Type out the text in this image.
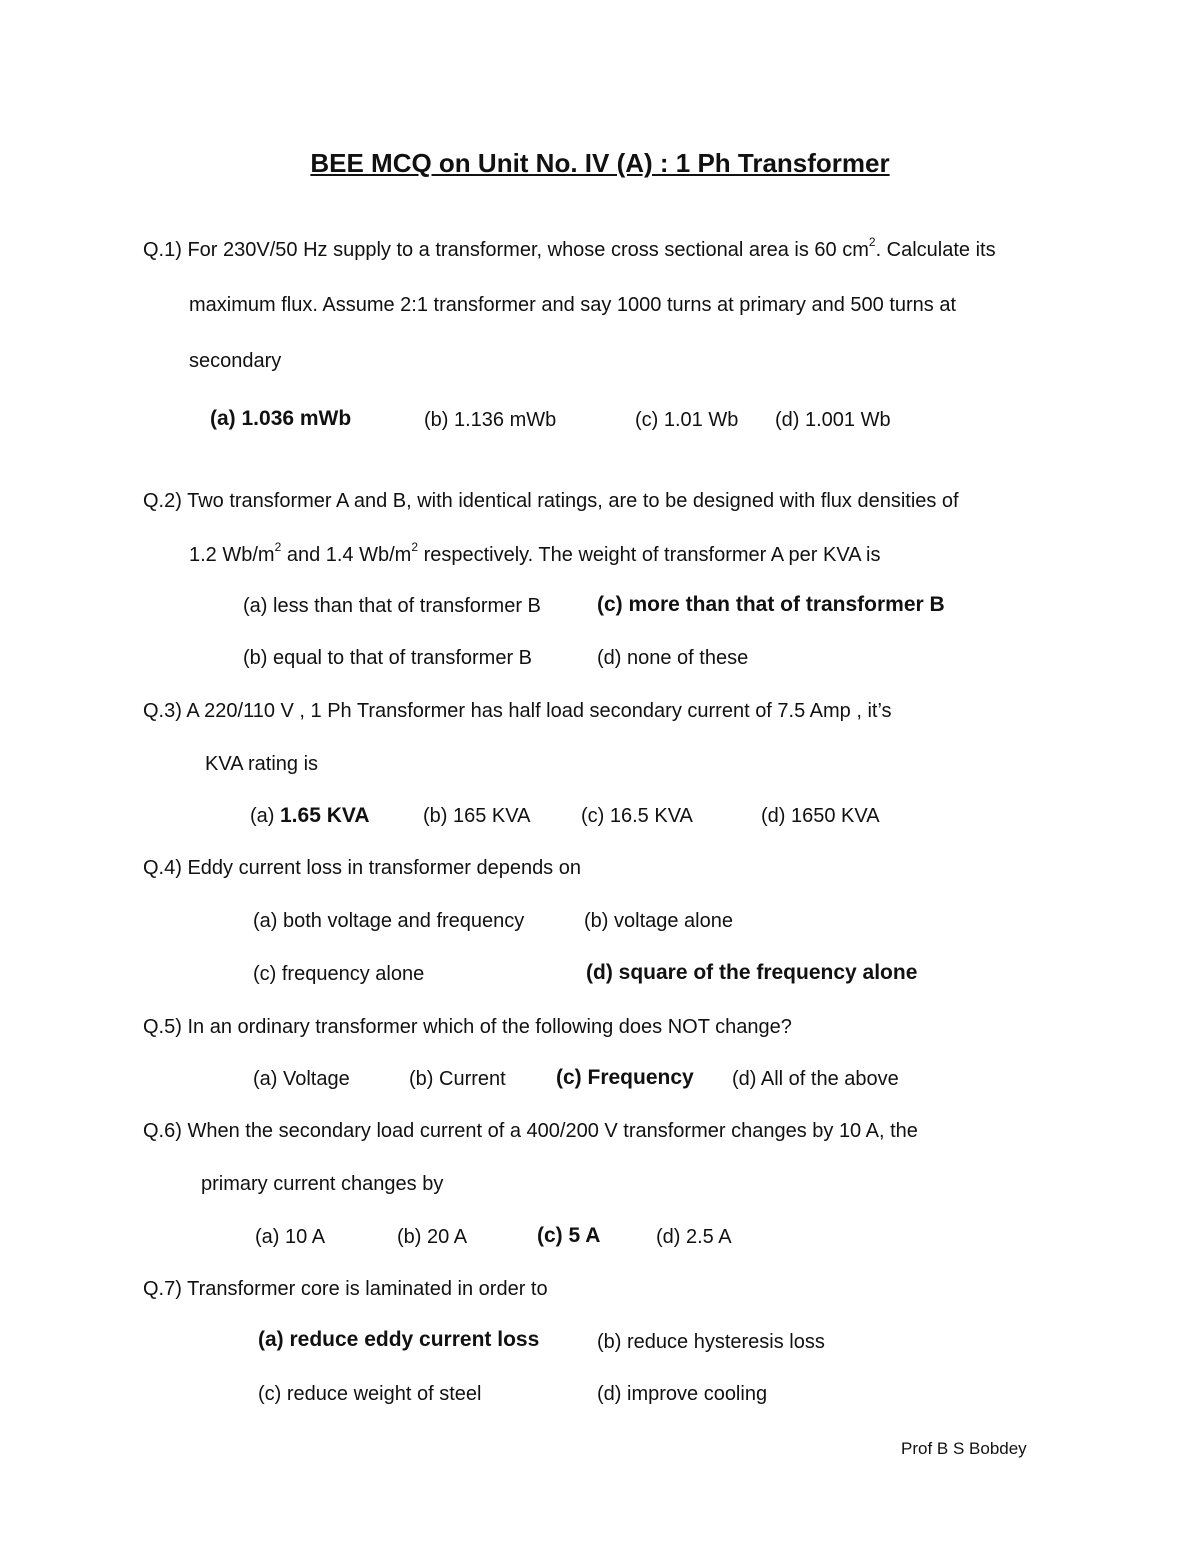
BEE MCQ on Unit No. IV (A) : 1 Ph Transformer
Q.1) For 230V/50 Hz supply to a transformer, whose cross sectional area is 60 $cm^2$. Calculate its
maximum flux. Assume 2:1 transformer and say 1000 turns at primary and 500 turns at
secondary
(a) 1.036 mWb	(b) 1.136 mWb	(c) 1.01 Wb (d) 1.001 Wb
Q.2) Two transformer A and B, with identical ratings, are to be designed with flux densities of
1.2 $Wb/m^2$ and 1.4 $Wb/m^2$ respectively. The weight of transformer A per KVA is
(a) less than that of transformer B	(c) more than that of transformer B
(b) equal to that of transformer B	(d) none of these
Q.3) A 220/110 V , 1 Ph Transformer has half load secondary current of 7.5 Amp , it’s
KVA rating is
(a) 1.65 KVA	(b) 165 KVA	(c) 16.5 KVA	(d) 1650 KVA
Q.4) Eddy current loss in transformer depends on
(a) both voltage and frequency	(b) voltage alone
(c) frequency alone	(d) square of the frequency alone
Q.5) In an ordinary transformer which of the following does NOT change?
(a) Voltage	(b) Current (c) Frequency (d) All of the above
Q.6) When the secondary load current of a 400/200 V transformer changes by 10 A, the
primary current changes by
(a) 10 A	(b) 20 A	(c) 5 A	(d) 2.5 A
Q.7) Transformer core is laminated in order to
(a) reduce eddy current loss	(b) reduce hysteresis loss
(c) reduce weight of steel	(d) improve cooling
Prof B S Bobdey
